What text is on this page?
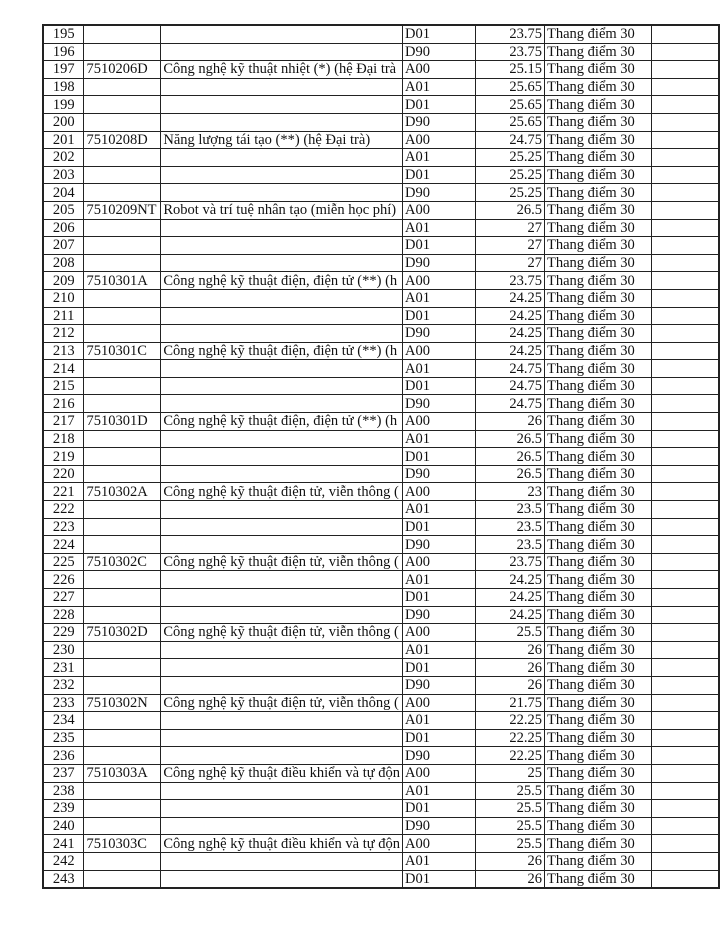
195			D01	23.75	Thang điểm 30	
196			D90	23.75	Thang điểm 30	
197	7510206D	Công nghệ kỹ thuật nhiệt (*) (hệ Đại trà	A00	25.15	Thang điểm 30	
198			A01	25.65	Thang điểm 30	
199			D01	25.65	Thang điểm 30	
200			D90	25.65	Thang điểm 30	
201	7510208D	Năng lượng tái tạo (**) (hệ Đại trà)	A00	24.75	Thang điểm 30	
202			A01	25.25	Thang điểm 30	
203			D01	25.25	Thang điểm 30	
204			D90	25.25	Thang điểm 30	
205	7510209NT	Robot và trí tuệ nhân tạo (miễn học phí)	A00	26.5	Thang điểm 30	
206			A01	27	Thang điểm 30	
207			D01	27	Thang điểm 30	
208			D90	27	Thang điểm 30	
209	7510301A	Công nghệ kỹ thuật điện, điện tử (**) (h	A00	23.75	Thang điểm 30	
210			A01	24.25	Thang điểm 30	
211			D01	24.25	Thang điểm 30	
212			D90	24.25	Thang điểm 30	
213	7510301C	Công nghệ kỹ thuật điện, điện tử (**) (h	A00	24.25	Thang điểm 30	
214			A01	24.75	Thang điểm 30	
215			D01	24.75	Thang điểm 30	
216			D90	24.75	Thang điểm 30	
217	7510301D	Công nghệ kỹ thuật điện, điện tử (**) (h	A00	26	Thang điểm 30	
218			A01	26.5	Thang điểm 30	
219			D01	26.5	Thang điểm 30	
220			D90	26.5	Thang điểm 30	
221	7510302A	Công nghệ kỹ thuật điện tử, viễn thông (	A00	23	Thang điểm 30	
222			A01	23.5	Thang điểm 30	
223			D01	23.5	Thang điểm 30	
224			D90	23.5	Thang điểm 30	
225	7510302C	Công nghệ kỹ thuật điện tử, viễn thông (	A00	23.75	Thang điểm 30	
226			A01	24.25	Thang điểm 30	
227			D01	24.25	Thang điểm 30	
228			D90	24.25	Thang điểm 30	
229	7510302D	Công nghệ kỹ thuật điện tử, viễn thông (	A00	25.5	Thang điểm 30	
230			A01	26	Thang điểm 30	
231			D01	26	Thang điểm 30	
232			D90	26	Thang điểm 30	
233	7510302N	Công nghệ kỹ thuật điện tử, viễn thông (	A00	21.75	Thang điểm 30	
234			A01	22.25	Thang điểm 30	
235			D01	22.25	Thang điểm 30	
236			D90	22.25	Thang điểm 30	
237	7510303A	Công nghệ kỹ thuật điều khiển và tự độn	A00	25	Thang điểm 30	
238			A01	25.5	Thang điểm 30	
239			D01	25.5	Thang điểm 30	
240			D90	25.5	Thang điểm 30	
241	7510303C	Công nghệ kỹ thuật điều khiển và tự độn	A00	25.5	Thang điểm 30	
242			A01	26	Thang điểm 30	
243			D01	26	Thang điểm 30	
